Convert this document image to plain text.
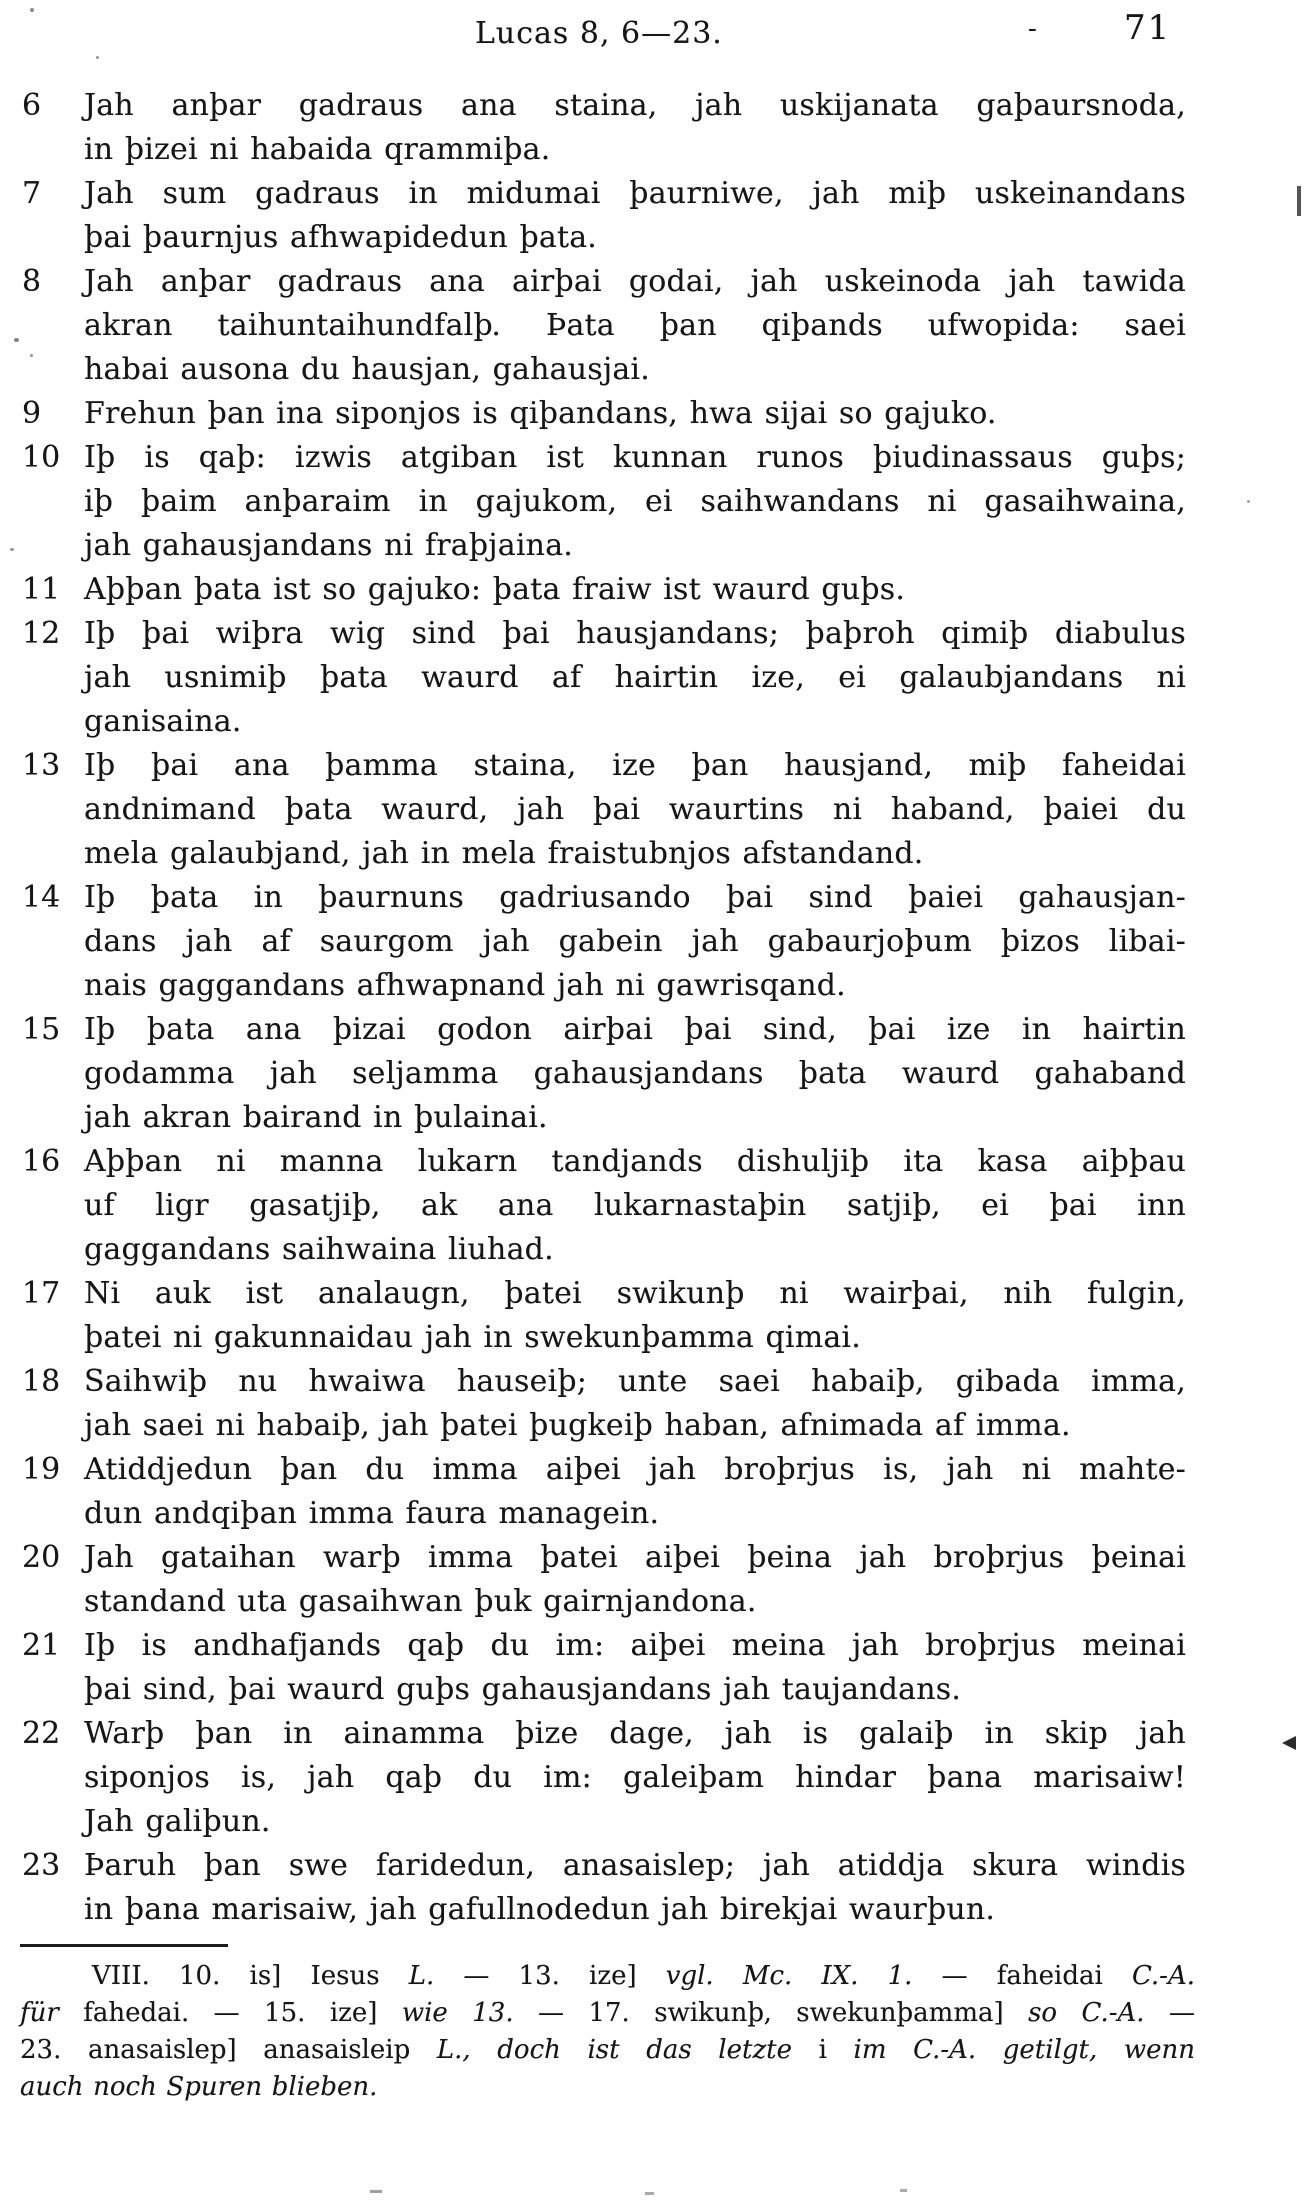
Lucas 8, 6—23.	-	71
6	Jah anþar gadraus ana staina, jah uskijanata gaþaursnoda,
in þizei ni habaida qrammiþa.
7	Jah sum gadraus in midumai þaurniwe, jah miþ uskeinandans
þai þaurnjus afhwapidedun þata.
8	Jah anþar gadraus ana airþai godai, jah uskeinoda jah tawida
akran taihuntaihundfalþ. Þata þan qiþands ufwopida: saei
habai ausona du hausjan, gahausjai.
9	Frehun þan ina siponjos is qiþandans, hwa sijai so gajuko.
10 Iþ is qaþ: izwis atgiban ist kunnan runos þiudinassaus guþs;
iþ þaim anþaraim in gajukom, ei saihwandans ni gasaihwaina,
jah gahausjandans ni fraþjaina.
11 Aþþan þata ist so gajuko: þata fraiw ist waurd guþs.
12 Iþ þai wiþra wig sind þai hausjandans; þaþroh qimiþ diabulus
jah usnimiþ þata waurd af hairtin ize, ei galaubjandans ni
ganisaina.
13 Iþ þai ana þamma staina, ize þan hausjand, miþ faheidai
andnimand þata waurd, jah þai waurtins ni haband, þaiei du
mela galaubjand, jah in mela fraistubnjos afstandand.
14 Iþ þata in þaurnuns gadriusando þai sind þaiei gahausjan-
dans jah af saurgom jah gabein jah gabaurjoþum þizos libai-
nais gaggandans afhwapnand jah ni gawrisqand.
15 Iþ þata ana þizai godon airþai þai sind, þai ize in hairtin
godamma jah seljamma gahausjandans þata waurd gahaband
jah akran bairand in þulainai.
16 Aþþan ni manna lukarn tandjands dishuljiþ ita kasa aiþþau
uf ligr gasatjiþ, ak ana lukarnastaþin satjiþ, ei þai inn
gaggandans saihwaina liuhad.
17 Ni auk ist analaugn, þatei swikunþ ni wairþai, nih fulgin,
þatei ni gakunnaidau jah in swekunþamma qimai.
18 Saihwiþ nu hwaiwa hauseiþ; unte saei habaiþ, gibada imma,
jah saei ni habaiþ, jah þatei þugkeiþ haban, afnimada af imma.
19 Atiddjedun þan du imma aiþei jah broþrjus is, jah ni mahte-
dun andqiþan imma faura managein.
20 Jah gataihan warþ imma þatei aiþei þeina jah broþrjus þeinai
standand uta gasaihwan þuk gairnjandona.
21 Iþ is andhafjands qaþ du im: aiþei meina jah broþrjus meinai
þai sind, þai waurd guþs gahausjandans jah taujandans.
22 Warþ þan in ainamma þize dage, jah is galaiþ in skip jah
siponjos is, jah qaþ du im: galeiþam hindar þana marisaiw!
Jah galiþun.
23 Þaruh þan swe faridedun, anasaislep; jah atiddja skura windis
in þana marisaiw, jah gafullnodedun jah birekjai waurþun.
VIII. 10. is] Iesus L. — 13. ize] vgl. Mc. IX. 1. — faheidai C.-A.
für fahedai. — 15. ize] wie 13. — 17. swikunþ, swekunþamma] so C.-A. —
23. anasaislep] anasaisleip L., doch ist das letzte i im C.-A. getilgt, wenn
auch noch Spuren blieben.
